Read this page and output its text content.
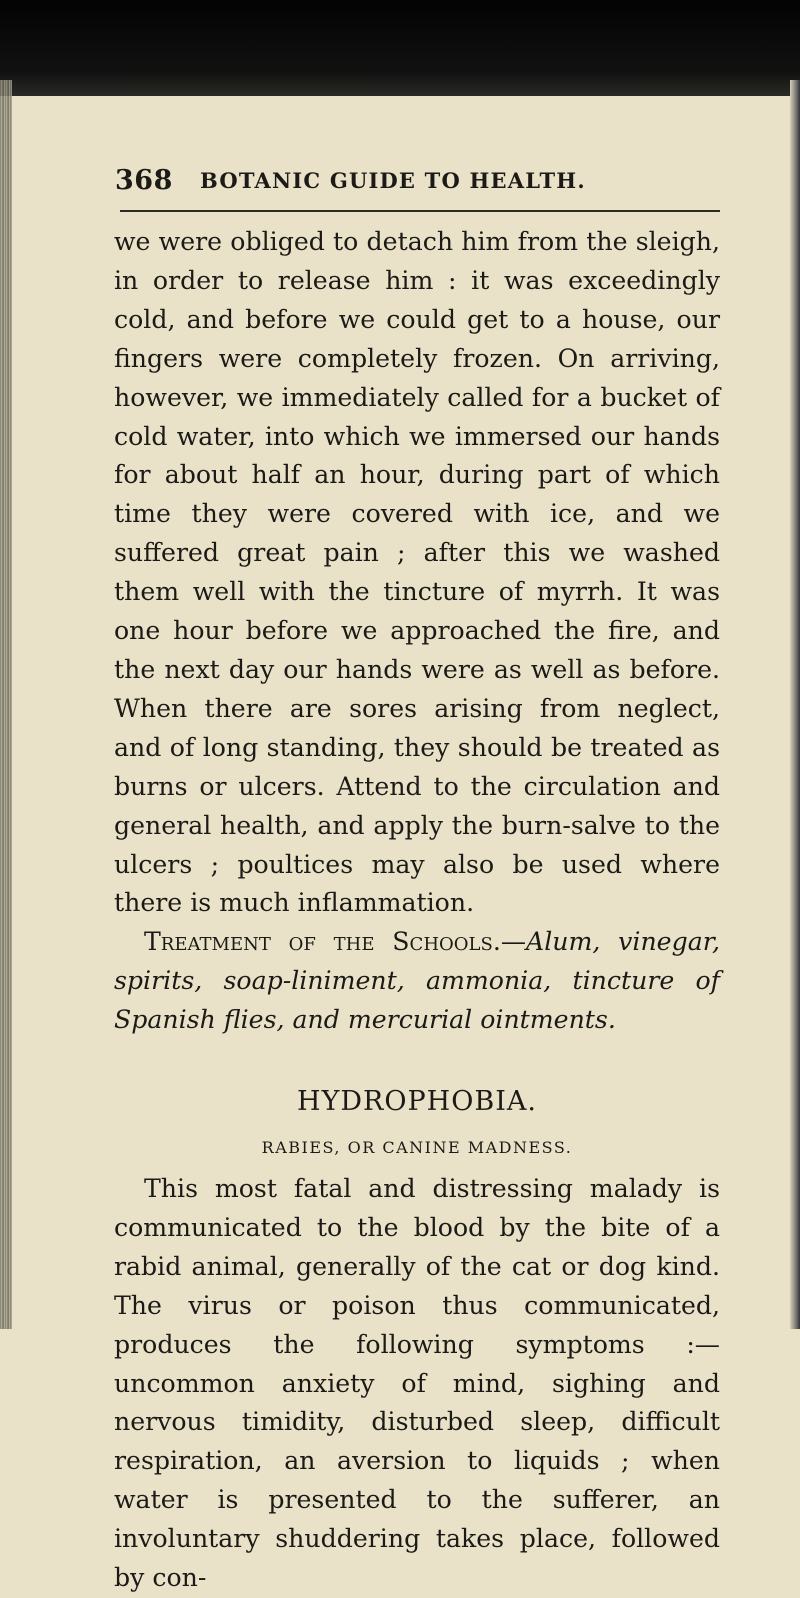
368 BOTANIC GUIDE TO HEALTH.

we were obliged to detach him from the sleigh, in order to release him : it was exceedingly cold, and before we could get to a house, our fingers were completely frozen. On arriving, however, we immediately called for a bucket of cold water, into which we immersed our hands for about half an hour, during part of which time they were covered with ice, and we suffered great pain ; after this we washed them well with the tincture of myrrh. It was one hour before we approached the fire, and the next day our hands were as well as before. When there are sores arising from neglect, and of long standing, they should be treated as burns or ulcers. Attend to the circulation and general health, and apply the burn-salve to the ulcers ; poultices may also be used where there is much inflammation.

Treatment of the Schools.—Alum, vinegar, spirits, soap-liniment, ammonia, tincture of Spanish flies, and mercurial ointments.

HYDROPHOBIA.

RABIES, OR CANINE MADNESS.

This most fatal and distressing malady is communicated to the blood by the bite of a rabid animal, generally of the cat or dog kind. The virus or poison thus communicated, produces the following symptoms :—uncommon anxiety of mind, sighing and nervous timidity, disturbed sleep, difficult respiration, an aversion to liquids ; when water is presented to the sufferer, an involuntary shuddering takes place, followed by con-
